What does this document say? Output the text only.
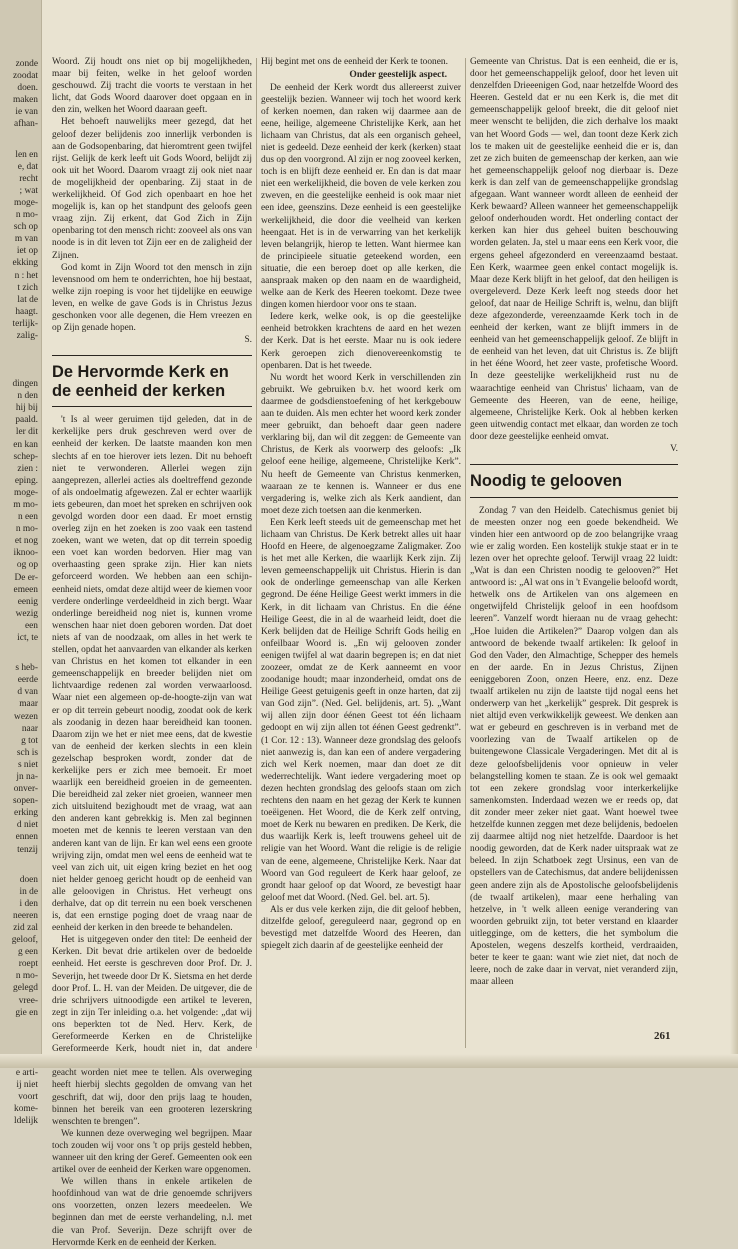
zonde
zoodat
doen.
maken
ie van
afhan-
len en
e, dat
recht
; wat
moge-
n mo-
sch op
m van
iet op
ekking
n : het
t zich
lat de
haagt.
terlijk-
zalig-
dingen
n den
hij bij
paald.
ler dit
en kan
schep-
zien :
eping.
moge-
m mo-
n een
n mo-
et nog
iknoo-
og op
De er-
emeen
eenig
wezig
een
ict, te
s heb-
eerde
d van
maar
wezen
naar
g tot
sch is
s niet
jn na-
onver-
sopen-
erking
d niet
ennen
tenzij
doen
in de
i den
neeren
zid zal
geloof,
g een
roept
n mo-
gelegd
vree-
gie en
e arti-
ij niet
voort
kome-
ldelijk

Woord. Zij houdt ons niet op bij mogelijkheden, maar bij feiten, welke in het geloof worden geschouwd. Zij tracht die voorts te verstaan in het licht, dat Gods Woord daarover doet opgaan en in den zin, welken het Woord daaraan geeft.

Het behoeft nauwelijks meer gezegd, dat het geloof dezer belijdenis zoo innerlijk verbonden is aan de Godsopenbaring, dat hieromtrent geen twijfel rijst. Gelijk de kerk leeft uit Gods Woord, belijdt zij ook uit het Woord. Daarom vraagt zij ook niet naar de mogelijkheid der openbaring. Zij staat in de werkelijkheid. Of God zich openbaart en hoe het mogelijk is, kan op het standpunt des geloofs geen vraag zijn. Zij erkent, dat God Zich in Zijn openbaring tot den mensch richt: zooveel als ons van noode is in dit leven tot Zijn eer en de zaligheid der Zijnen.

God komt in Zijn Woord tot den mensch in zijn levensnood om hem te onderrichten, hoe hij bestaat, welke zijn roeping is voor het tijdelijke en eeuwige leven, en welke de gave Gods is in Christus Jezus geschonken voor alle degenen, die Hem vreezen en op Zijn genade hopen.

S.
De Hervormde Kerk en de eenheid der kerken

't Is al weer geruimen tijd geleden, dat in de kerkelijke pers druk geschreven werd over de eenheid der kerken. De laatste maanden kon men slechts af en toe hierover iets lezen. Dit nu behoeft niet te verwonderen. Allerlei wegen zijn aangeprezen, allerlei acties als doeltreffend gezonde of als ondoelmatig afgewezen. Zal er echter waarlijk iets gebeuren, dan moet het spreken en schrijven ook gevolgd worden door een daad. Er moet ernstig overleg zijn en het zoeken is zoo vaak een tastend zoeken, want we weten, dat op dit terrein spoedig een voet kan worden bedorven. Hier mag van overhaasting geen sprake zijn. Hier kan niets geforceerd worden. We hebben aan een schijn-eenheid niets, omdat deze altijd weer de kiemen voor verdere onderlinge verdeeldheid in zich bergt. Waar onderlinge bereidheid nog niet is, kunnen vrome wenschen haar niet doen geboren worden. Dat doet niets af van de noodzaak, om alles in het werk te stellen, opdat het aanvaarden van elkander als kerken van Christus en het komen tot elkander in een gemeenschappelijk en breeder belijden niet om lichtvaardige redenen zal worden verwaarloosd. Waar niet een algemeen op-de-hoogte-zijn van wat er op dit terrein gebeurt noodig, zoodat ook de kerk als zoodanig in dezen haar bereidheid kan toonen. Daarom zijn we het er niet mee eens, dat de kwestie van de eenheid der kerken slechts in een klein gezelschap besproken wordt, zonder dat de kerkelijke pers er zich mee bemoeit. Er moet waarlijk een bereidheid groeien in de gemeenten. Die bereidheid zal zeker niet groeien, wanneer men zich uitsluitend bezighoudt met de vraag, wat aan den anderen kant gebrekkig is. Men zal beginnen moeten met de kennis te leeren verstaan van den anderen kant van de lijn. Er kan wel eens een groote wrijving zijn, omdat men wel eens de eenheid wat te veel van zich uit, uit eigen kring beziet en het oog niet helder genoeg gericht houdt op de eenheid van alle geloovigen in Christus. Het verheugt ons derhalve, dat op dit terrein nu een boek verschenen is, dat een ernstige poging doet de vraag naar de eenheid der kerken in den breede te behandelen.

Het is uitgegeven onder den titel: De eenheid der Kerken. Dit bevat drie artikelen over de bedoelde eenheid. Het eerste is geschreven door Prof. Dr. J. Severijn, het tweede door Dr K. Sietsma en het derde door Prof. L. H. van der Meiden. De uitgever, die de drie schrijvers uitnoodigde een artikel te leveren, zegt in zijn Ter inleiding o.a. het volgende: „dat wij ons beperkten tot de Ned. Herv. Kerk, de Gereformeerde Kerken en de Christelijke Gereformeerde Kerk, houdt niet in, dat andere geacht worden niet mee te tellen. Als overweging heeft hierbij slechts gegolden de omvang van het geschrift, dat wij, door den prijs laag te houden, binnen het bereik van een grooteren lezerskring wenschten te brengen”.

We kunnen deze overweging wel begrijpen. Maar toch zouden wij voor ons 't op prijs gesteld hebben, wanneer uit den kring der Geref. Gemeenten ook een artikel over de eenheid der Kerken ware opgenomen.

We willen thans in enkele artikelen de hoofdinhoud van wat de drie genoemde schrijvers ons voorzetten, onzen lezers meedeelen. We beginnen dan met de eerste verhandeling, n.l. met die van Prof. Severijn. Deze schrijft over de Hervormde Kerk en de eenheid der Kerken.

Hij begint met ons de eenheid der Kerk te toonen.

Onder geestelijk aspect.

De eenheid der Kerk wordt dus allereerst zuiver geestelijk bezien. Wanneer wij toch het woord kerk of kerken noemen, dan raken wij daarmee aan de eene, heilige, algemeene Christelijke Kerk, aan het lichaam van Christus, dat als een organisch geheel, niet is gedeeld. Deze eenheid der kerk (kerken) staat dus op den voorgrond. Al zijn er nog zooveel kerken, toch is en blijft deze eenheid er. En dan is dat maar niet een werkelijkheid, die boven de vele kerken zou zweven, en die geestelijke eenheid is ook maar niet een idee, geenszins. Deze eenheid is een geestelijke werkelijkheid, die door die veelheid van kerken heengaat. Het is in de verwarring van het kerkelijk leven belangrijk, hierop te letten. Want hiermee kan de principieele situatie geteekend worden, een situatie, die een beroep doet op alle kerken, die aanspraak maken op den naam en de waardigheid, welke aan de Kerk des Heeren toekomt. Deze twee dingen komen hierdoor voor ons te staan.

Iedere kerk, welke ook, is op die geestelijke eenheid betrokken krachtens de aard en het wezen der Kerk. Dat is het eerste. Maar nu is ook iedere Kerk geroepen zich dienovereenkomstig te openbaren. Dat is het tweede.

Nu wordt het woord Kerk in verschillenden zin gebruikt. We gebruiken b.v. het woord kerk om daarmee de godsdienstoefening of het kerkgebouw aan te duiden. Als men echter het woord kerk zonder meer gebruikt, dan behoeft daar geen nadere verklaring bij, dan wil dit zeggen: de Gemeente van Christus, de Kerk als voorwerp des geloofs: „Ik geloof eene heilige, algemeene, Christelijke Kerk”. Nu heeft de Gemeente van Christus kenmerken, waaraan ze te kennen is. Wanneer er dus ene vergadering is, welke zich als Kerk aandient, dan moet deze zich toetsen aan die kenmerken.

Een Kerk leeft steeds uit de gemeenschap met het lichaam van Christus. De Kerk betrekt alles uit haar Hoofd en Heere, de algenoegzame Zaligmaker. Zoo is het met alle Kerken, die waarlijk Kerk zijn. Zij leven gemeenschappelijk uit Christus. Hierin is dan ook de onderlinge gemeenschap van alle Kerken gegrond. De ééne Heilige Geest werkt immers in die Kerk, in dit lichaam van Christus. En die ééne Heilige Geest, die in al de waarheid leidt, doet die Kerk belijden dat de Heilige Schrift Gods heilig en onfeilbaar Woord is. „En wij gelooven zonder eenigen twijfel al wat daarin begrepen is; en dat niet zoozeer, omdat ze de Kerk aanneemt en voor zoodanige houdt; maar inzonderheid, omdat ons de Heilige Geest getuigenis geeft in onze harten, dat zij van God zijn”. (Ned. Gel. belijdenis, art. 5). „Want wij allen zijn door éénen Geest tot één lichaam gedoopt en wij zijn allen tot éénen Geest gedrenkt”. (1 Cor. 12 : 13). Wanneer deze grondslag des geloofs niet aanwezig is, dan kan een of andere vergadering zich wel Kerk noemen, maar dan doet ze dit wederrechtelijk. Want iedere vergadering moet op dezen hechten grondslag des geloofs staan om zich rechtens den naam en het gezag der Kerk te kunnen toeëigenen. Het Woord, die de Kerk zelf ontving, moet de Kerk nu bewaren en prediken. De Kerk, die dus waarlijk Kerk is, leeft trouwens geheel uit de religie van het Woord. Want die religie is de religie van de eene, algemeene, Christelijke Kerk. Naar dat Woord van God reguleert de Kerk haar geloof, ze grondt haar geloof op dat Woord, ze bevestigt haar geloof met dat Woord. (Ned. Gel. bel. art. 5).

Als er dus vele kerken zijn, die dit geloof hebben, ditzelfde geloof, gereguleerd naar, gegrond op en bevestigd met datzelfde Woord des Heeren, dan spiegelt zich daarin af de geestelijke eenheid der

Gemeente van Christus. Dat is een eenheid, die er is, door het gemeenschappelijk geloof, door het leven uit denzelfden Drieeenigen God, naar hetzelfde Woord des Heeren. Gesteld dat er nu een Kerk is, die met dit gemeenschappelijk geloof breekt, die dit geloof niet meer wenscht te belijden, die zich derhalve los maakt van het Woord Gods — wel, dan toont deze Kerk zich los te maken uit de geestelijke eenheid die er is, dan zet ze zich buiten de gemeenschap der kerken, aan wie het gemeenschappelijk geloof nog dierbaar is. Deze kerk is dan zelf van de gemeenschappelijke grondslag afgegaan. Want wanneer wordt alleen de eenheid der Kerk bewaard? Alleen wanneer het gemeenschappelijk geloof onderhouden wordt. Het onderling contact der kerken kan hier dus geheel buiten beschouwing worden gelaten. Ja, stel u maar eens een Kerk voor, die ergens geheel afgezonderd en vereenzaamd bestaat. Een Kerk, waarmee geen enkel contact mogelijk is. Maar deze Kerk blijft in het geloof, dat den heiligen is overgeleverd. Deze Kerk leeft nog steeds door het geloof, dat naar de Heilige Schrift is, welnu, dan blijft deze afgezonderde, vereenzaamde Kerk toch in de eenheid der kerken, want ze blijft immers in de eenheid van het gemeenschappelijk geloof. Ze blijft in de eenheid van het leven, dat uit Christus is. Ze blijft in het ééne Woord, het zeer vaste, profetische Woord. In deze geestelijke werkelijkheid rust nu de waarachtige eenheid van Christus' lichaam, van de Gemeente des Heeren, van de eene, heilige, algemeene, Christelijke Kerk. Ook al hebben kerken geen uitwendig contact met elkaar, dan worden ze toch door deze geestelijke eenheid omvat.

V.
Noodig te gelooven

Zondag 7 van den Heidelb. Catechismus geniet bij de meesten onzer nog een goede bekendheid. We vinden hier een antwoord op de zoo belangrijke vraag wie er zalig worden. Een kostelijk stukje staat er in te lezen over het oprechte geloof. Terwijl vraag 22 luidt: „Wat is dan een Christen noodig te gelooven?” Het antwoord is: „Al wat ons in 't Evangelie beloofd wordt, hetwelk ons de Artikelen van ons algemeen en ongetwijfeld Christelijk geloof in een hoofdsom leeren”. Vanzelf wordt hieraan nu de vraag gehecht: „Hoe luiden die Artikelen?” Daarop volgen dan als antwoord de bekende twaalf artikelen: Ik geloof in God den Vader, den Almachtige, Schepper des hemels en der aarde. En in Jezus Christus, Zijnen eeniggeboren Zoon, onzen Heere, enz. enz. Deze twaalf artikelen nu zijn de laatste tijd nogal eens het onderwerp van het „kerkelijk” gesprek. Dit gesprek is niet altijd even verkwikkelijk geweest. We denken aan wat er gebeurd en geschreven is in verband met de voorlezing van de Twaalf artikelen op de buitengewone Classicale Vergaderingen. Met dit al is deze geloofsbelijdenis voor opnieuw in veler belangstelling komen te staan. Ze is ook wel gemaakt tot een zekere grondslag voor interkerkelijke samenkomsten. Inderdaad wezen we er reeds op, dat dit zonder meer zeker niet gaat. Want hoewel twee hetzelfde kunnen zeggen met deze belijdenis, bedoelen zij daarmee altijd nog niet hetzelfde. Daardoor is het noodig geworden, dat de Kerk nader uitspraak wat ze beleed. In zijn Schatboek zegt Ursinus, een van de opstellers van de Catechismus, dat andere belijdenissen geen andere zijn als de Apostolische geloofsbelijdenis (de twaalf artikelen), maar eene herhaling van hetzelve, in 't welk alleen eenige verandering van woorden gebruikt zijn, tot beter verstand en klaarder uitlegginge, om de ketters, die het symbolum die Apostelen, wegens deszelfs kortheid, verdraaiden, beter te keer te gaan: want wie ziet niet, dat noch de leere, noch de zake daar in vervat, niet veranderd zijn, maar alleen

261
